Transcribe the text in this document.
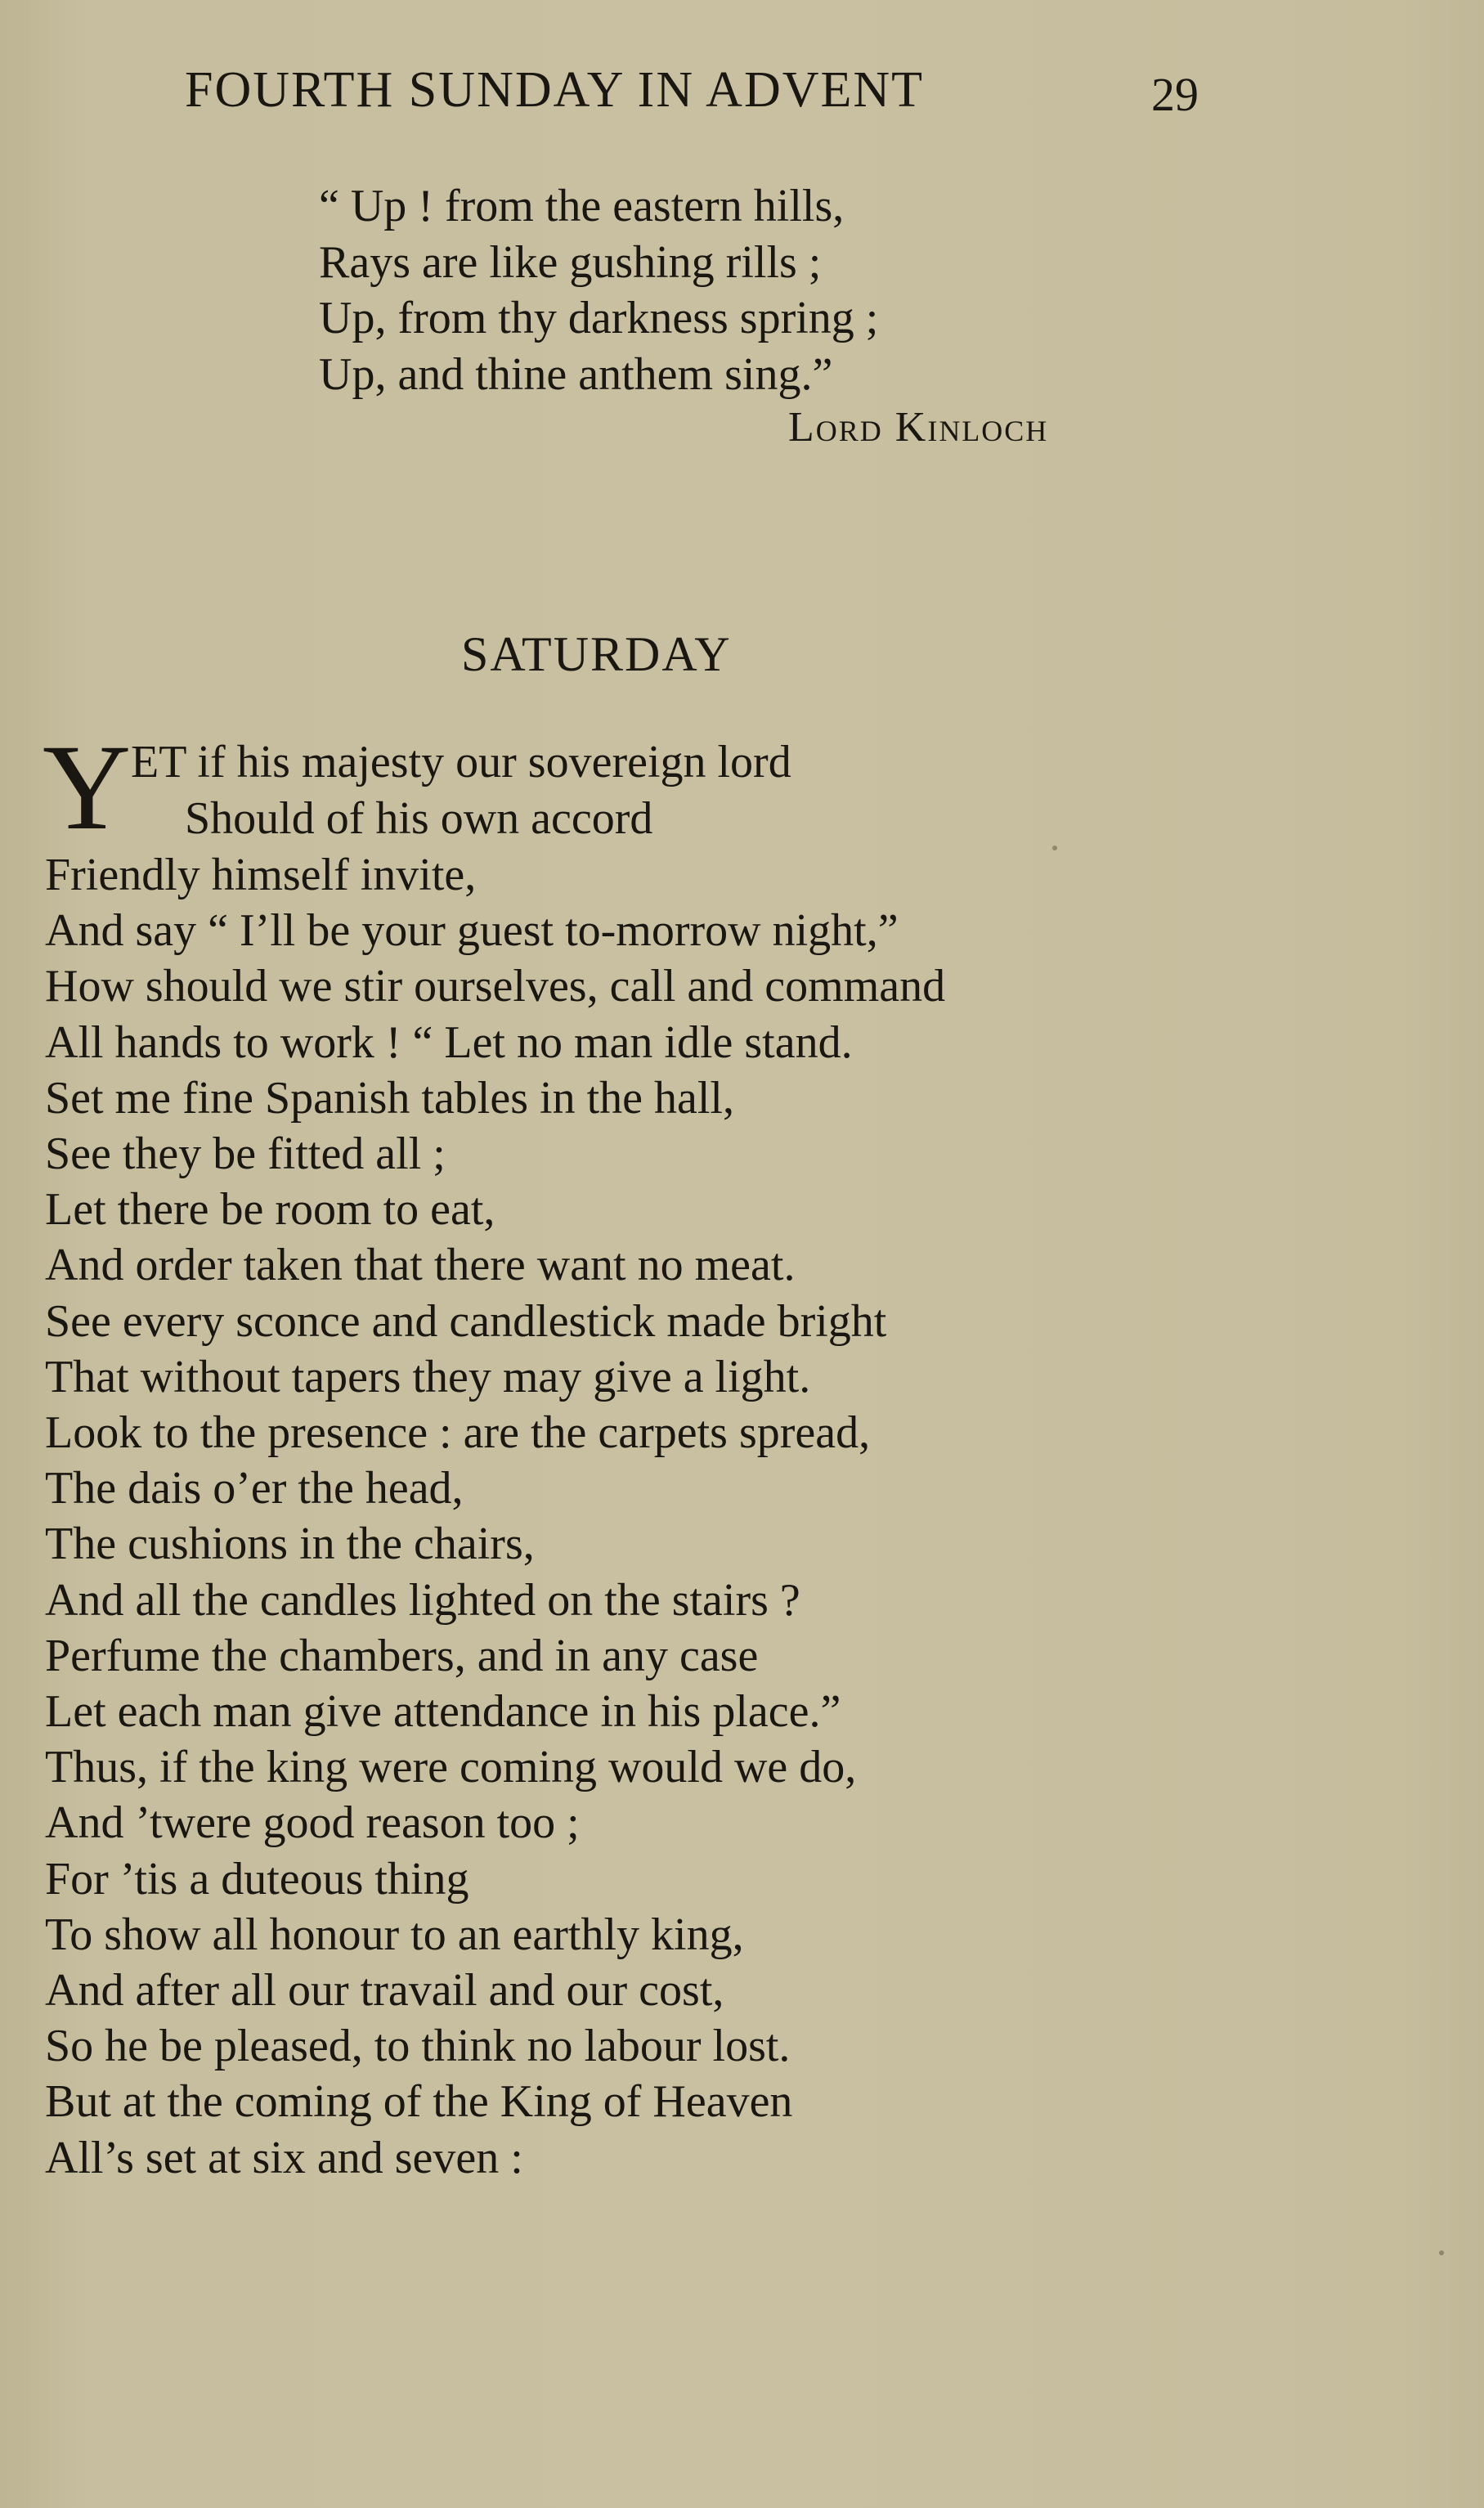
FOURTH SUNDAY IN ADVENT	29
“ Up ! from the eastern hills,
Rays are like gushing rills ;
Up, from thy darkness spring ;
Up, and thine anthem sing.”
Lord Kinloch
SATURDAY
Y ET if his majesty our sovereign lord
Should of his own accord
Friendly himself invite,
And say “ I’ll be your guest to-morrow night,”
How should we stir ourselves, call and command
All hands to work ! “ Let no man idle stand.
Set me fine Spanish tables in the hall,
See they be fitted all ;
Let there be room to eat,
And order taken that there want no meat.
See every sconce and candlestick made bright
That without tapers they may give a light.
Look to the presence : are the carpets spread,
The dais o’er the head,
The cushions in the chairs,
And all the candles lighted on the stairs ?
Perfume the chambers, and in any case
Let each man give attendance in his place.”
Thus, if the king were coming would we do,
And ’twere good reason too ;
For ’tis a duteous thing
To show all honour to an earthly king,
And after all our travail and our cost,
So he be pleased, to think no labour lost.
But at the coming of the King of Heaven
All’s set at six and seven :
